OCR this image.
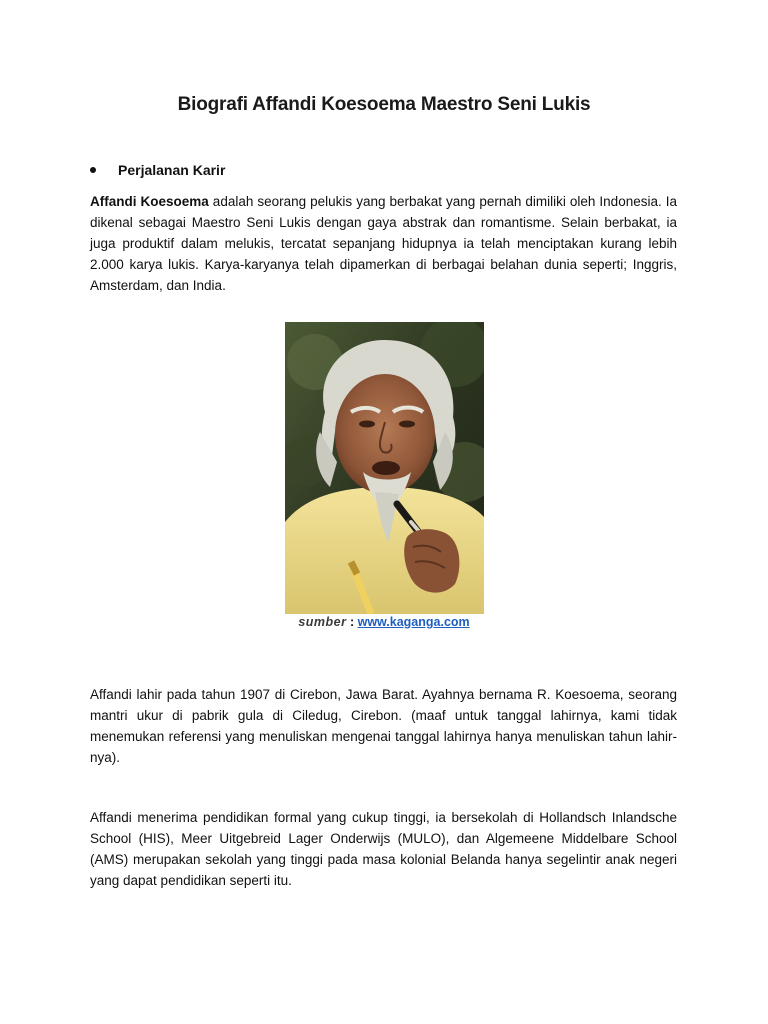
Biografi Affandi Koesoema Maestro Seni Lukis
Perjalanan Karir

Affandi Koesoema adalah seorang pelukis yang berbakat yang pernah dimiliki oleh Indonesia. Ia dikenal sebagai Maestro Seni Lukis dengan gaya abstrak dan romantisme. Selain berbakat, ia juga produktif dalam melukis, tercatat sepanjang hidupnya ia telah menciptakan kurang lebih 2.000 karya lukis. Karya-karyanya telah dipamerkan di berbagai belahan dunia seperti; Inggris, Amsterdam, dan India.

sumber : www.kaganga.com

Affandi lahir pada tahun 1907 di Cirebon, Jawa Barat. Ayahnya bernama R. Koesoema, seorang mantri ukur di pabrik gula di Ciledug, Cirebon. (maaf untuk tanggal lahirnya, kami tidak menemukan referensi yang menuliskan mengenai tanggal lahirnya hanya menuliskan tahun lahir-nya).

Affandi menerima pendidikan formal yang cukup tinggi, ia bersekolah di Hollandsch Inlandsche School (HIS), Meer Uitgebreid Lager Onderwijs (MULO), dan Algemeene Middelbare School (AMS) merupakan sekolah yang tinggi pada masa kolonial Belanda hanya segelintir anak negeri yang dapat pendidikan seperti itu.
